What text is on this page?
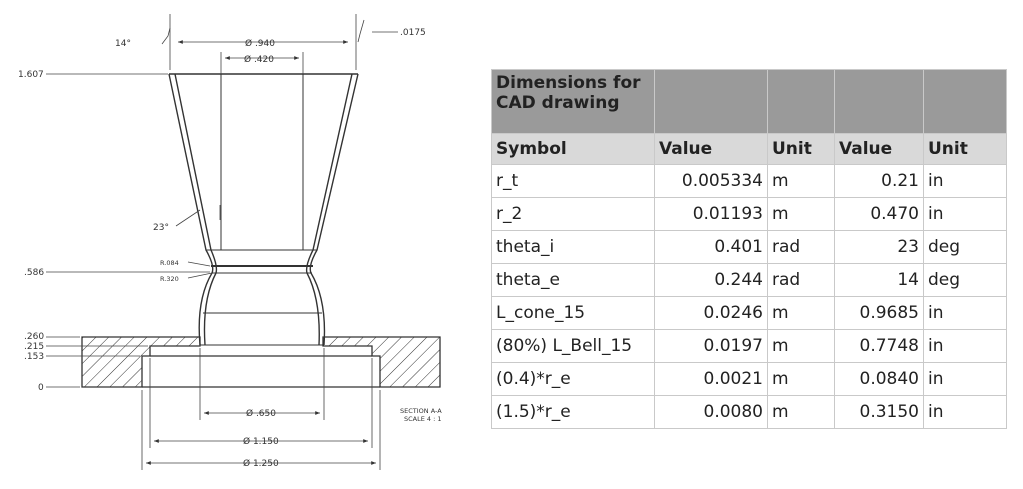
14°	Ø .940
Ø .420
.0175
1.607
23°
.586
.260
.215
.153
0
Ø .650
Ø 1.150
Ø 1.250
R.084
R.320
SECTION A-A
SCALE 4 : 1
Dimensions for CAD drawing				
Symbol	Value	Unit	Value	Unit
r_t	0.005334	m	0.21	in
r_2	0.01193	m	0.470	in
theta_i	0.401	rad	23	deg
theta_e	0.244	rad	14	deg
L_cone_15	0.0246	m	0.9685	in
(80%) L_Bell_15	0.0197	m	0.7748	in
(0.4)*r_e	0.0021	m	0.0840	in
(1.5)*r_e	0.0080	m	0.3150	in
